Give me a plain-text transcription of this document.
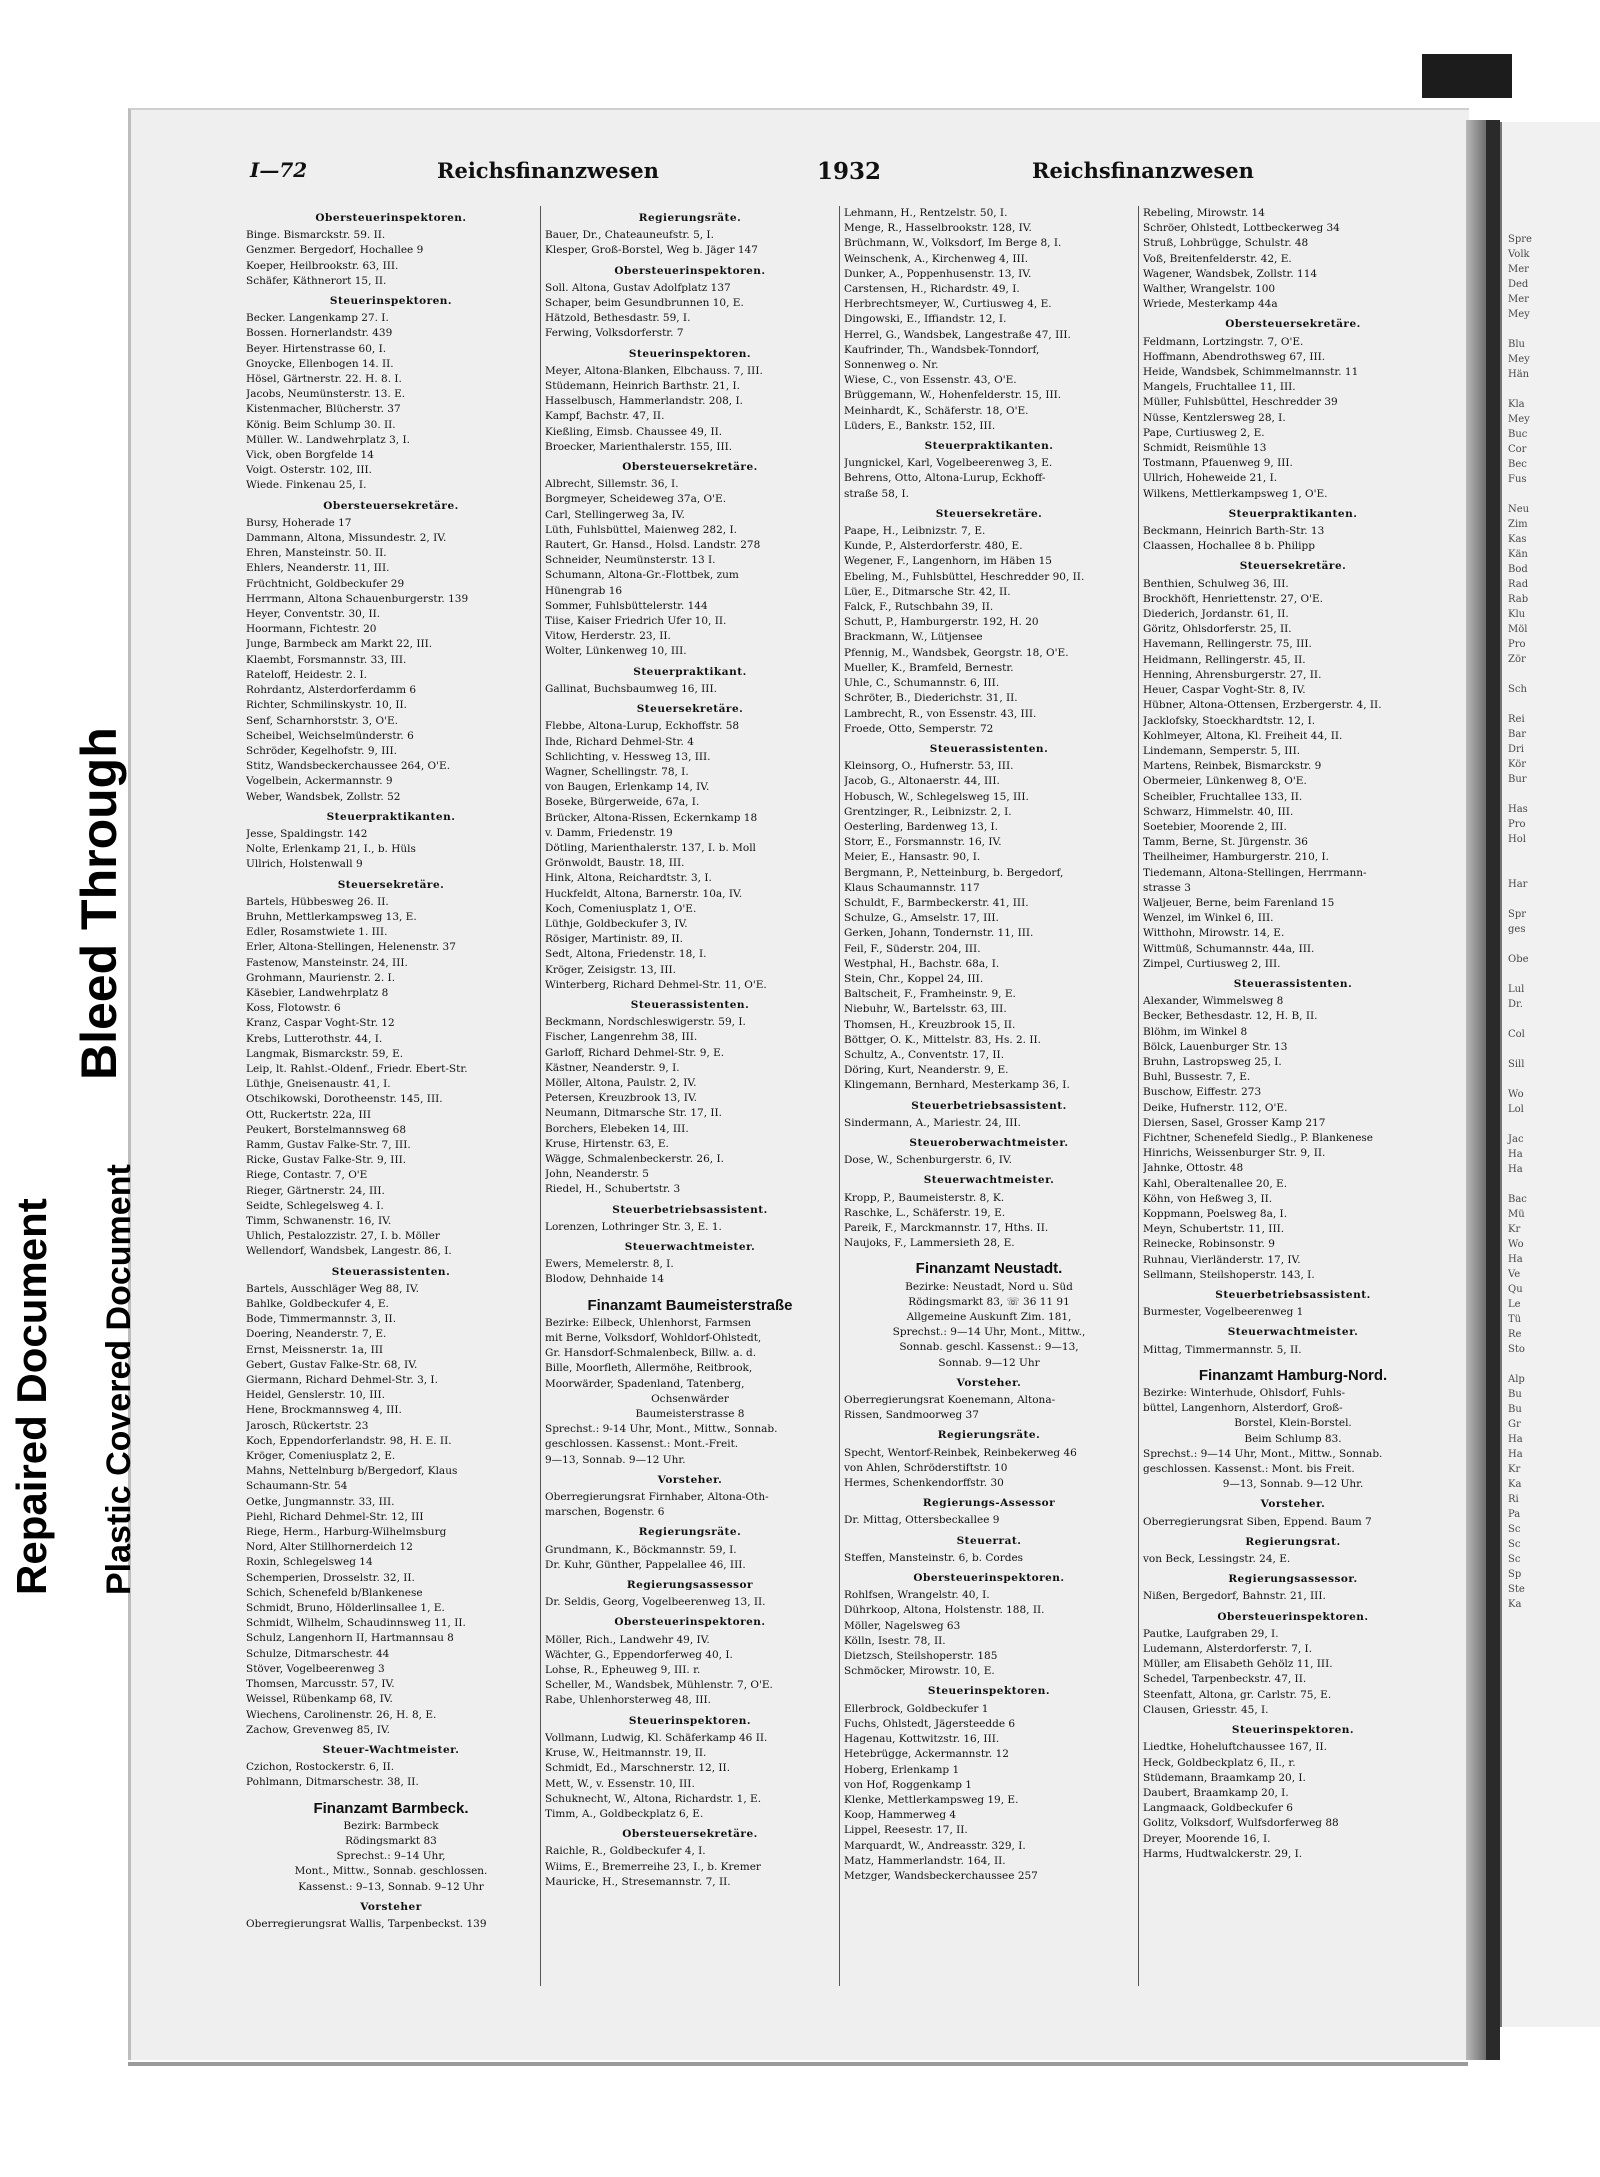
Spre
Volk
Mer
Ded
Mer
Mey
Blu
Mey
Hän
Kla
Mey
Buc
Cor
Bec
Fus
Neu
Zim
Kas
Kän
Bod
Rad
Rab
Klu
Möl
Pro
Zör
Sch
Rei
Bar
Dri
Kör
Bur
Has
Pro
Hol
Har
Spr
ges
Obe
Lul
Dr.
Col
Sill
Wo
Lol
Jac
Ha
Ha
Bac
Mü
Kr
Wo
Ha
Ve
Qu
Le
Tü
Re
Sto
Alp
Bu
Bu
Gr
Ha
Ha
Kr
Ka
Ri
Pa
Sc
Sc
Sc
Sp
Ste
Ka
Bleed Through
Plastic Covered Document
Repaired Document
I—72	Reichsfinanzwesen	1932	Reichsfinanzwesen
Obersteuerinspektoren.
Binge. Bismarckstr. 59. II.
Genzmer. Bergedorf, Hochallee 9
Koeper, Heilbrookstr. 63, III.
Schäfer, Käthnerort 15, II.
Steuerinspektoren.
Becker. Langenkamp 27. I.
Bossen. Hornerlandstr. 439
Beyer. Hirtenstrasse 60, I.
Gnoycke, Ellenbogen 14. II.
Hösel, Gärtnerstr. 22. H. 8. I.
Jacobs, Neumünsterstr. 13. E.
Kistenmacher, Blücherstr. 37
König. Beim Schlump 30. II.
Müller. W.. Landwehrplatz 3, I.
Vick, oben Borgfelde 14
Voigt. Osterstr. 102, III.
Wiede. Finkenau 25, I.
Obersteuersekretäre.
Bursy, Hoherade 17
Dammann, Altona, Missundestr. 2, IV.
Ehren, Mansteinstr. 50. II.
Ehlers, Neanderstr. 11, III.
Früchtnicht, Goldbeckufer 29
Herrmann, Altona Schauenburgerstr. 139
Heyer, Conventstr. 30, II.
Hoormann, Fichtestr. 20
Junge, Barmbeck am Markt 22, III.
Klaembt, Forsmannstr. 33, III.
Rateloff, Heidestr. 2. I.
Rohrdantz, Alsterdorferdamm 6
Richter, Schmilinskystr. 10, II.
Senf, Scharnhorststr. 3, O'E.
Scheibel, Weichselmünderstr. 6
Schröder, Kegelhofstr. 9, III.
Stitz, Wandsbeckerchaussee 264, O'E.
Vogelbein, Ackermannstr. 9
Weber, Wandsbek, Zollstr. 52
Steuerpraktikanten.
Jesse, Spaldingstr. 142
Nolte, Erlenkamp 21, I., b. Hüls
Ullrich, Holstenwall 9
Steuersekretäre.
Bartels, Hübbesweg 26. II.
Bruhn, Mettlerkampsweg 13, E.
Edler, Rosamstwiete 1. III.
Erler, Altona-Stellingen, Helenenstr. 37
Fastenow, Mansteinstr. 24, III.
Grohmann, Maurienstr. 2. I.
Käsebier, Landwehrplatz 8
Koss, Flotowstr. 6
Kranz, Caspar Voght-Str. 12
Krebs, Lutterothstr. 44, I.
Langmak, Bismarckstr. 59, E.
Leip, lt. Rahlst.-Oldenf., Friedr. Ebert-Str.
Lüthje, Gneisenaustr. 41, I.
Otschikowski, Dorotheenstr. 145, III.
Ott, Ruckertstr. 22a, III
Peukert, Borstelmannsweg 68
Ramm, Gustav Falke-Str. 7, III.
Ricke, Gustav Falke-Str. 9, III.
Riege, Contastr. 7, O'E
Rieger, Gärtnerstr. 24, III.
Seidte, Schlegelsweg 4. I.
Timm, Schwanenstr. 16, IV.
Uhlich, Pestalozzistr. 27, I. b. Möller
Wellendorf, Wandsbek, Langestr. 86, I.
Steuerassistenten.
Bartels, Ausschläger Weg 88, IV.
Bahlke, Goldbeckufer 4, E.
Bode, Timmermannstr. 3, II.
Doering, Neanderstr. 7, E.
Ernst, Meissnerstr. 1a, III
Gebert, Gustav Falke-Str. 68, IV.
Giermann, Richard Dehmel-Str. 3, I.
Heidel, Genslerstr. 10, III.
Hene, Brockmannsweg 4, III.
Jarosch, Rückertstr. 23
Koch, Eppendorferlandstr. 98, H. E. II.
Kröger, Comeniusplatz 2, E.
Mahns, Nettelnburg b/Bergedorf, Klaus
Schaumann-Str. 54
Oetke, Jungmannstr. 33, III.
Piehl, Richard Dehmel-Str. 12, III
Riege, Herm., Harburg-Wilhelmsburg
Nord, Alter Stillhornerdeich 12
Roxin, Schlegelsweg 14
Schemperien, Drosselstr. 32, II.
Schich, Schenefeld b/Blankenese
Schmidt, Bruno, Hölderlinsallee 1, E.
Schmidt, Wilhelm, Schaudinnsweg 11, II.
Schulz, Langenhorn II, Hartmannsau 8
Schulze, Ditmarschestr. 44
Stöver, Vogelbeerenweg 3
Thomsen, Marcusstr. 57, IV.
Weissel, Rübenkamp 68, IV.
Wiechens, Carolinenstr. 26, H. 8, E.
Zachow, Grevenweg 85, IV.
Steuer-Wachtmeister.
Czichon, Rostockerstr. 6, II.
Pohlmann, Ditmarschestr. 38, II.
Finanzamt Barmbeck.
Bezirk: Barmbeck
Rödingsmarkt 83
Sprechst.: 9–14 Uhr,
Mont., Mittw., Sonnab. geschlossen.
Kassenst.: 9–13, Sonnab. 9–12 Uhr
Vorsteher
Oberregierungsrat Wallis, Tarpenbeckst. 139
Regierungsräte.
Bauer, Dr., Chateauneufstr. 5, I.
Klesper, Groß-Borstel, Weg b. Jäger 147
Obersteuerinspektoren.
Soll. Altona, Gustav Adolfplatz 137
Schaper, beim Gesundbrunnen 10, E.
Hätzold, Bethesdastr. 59, I.
Ferwing, Volksdorferstr. 7
Steuerinspektoren.
Meyer, Altona-Blanken, Elbchauss. 7, III.
Stüdemann, Heinrich Barthstr. 21, I.
Hasselbusch, Hammerlandstr. 208, I.
Kampf, Bachstr. 47, II.
Kießling, Eimsb. Chaussee 49, II.
Broecker, Marienthalerstr. 155, III.
Obersteuersekretäre.
Albrecht, Sillemstr. 36, I.
Borgmeyer, Scheideweg 37a, O'E.
Carl, Stellingerweg 3a, IV.
Lüth, Fuhlsbüttel, Maienweg 282, I.
Rautert, Gr. Hansd., Holsd. Landstr. 278
Schneider, Neumünsterstr. 13 I.
Schumann, Altona-Gr.-Flottbek, zum
Hünengrab 16
Sommer, Fuhlsbüttelerstr. 144
Tiise, Kaiser Friedrich Ufer 10, II.
Vitow, Herderstr. 23, II.
Wolter, Lünkenweg 10, III.
Steuerpraktikant.
Gallinat, Buchsbaumweg 16, III.
Steuersekretäre.
Flebbe, Altona-Lurup, Eckhoffstr. 58
Ihde, Richard Dehmel-Str. 4
Schlichting, v. Hessweg 13, III.
Wagner, Schellingstr. 78, I.
von Baugen, Erlenkamp 14, IV.
Boseke, Bürgerweide, 67a, I.
Brücker, Altona-Rissen, Eckernkamp 18
v. Damm, Friedenstr. 19
Dötling, Marienthalerstr. 137, I. b. Moll
Grönwoldt, Baustr. 18, III.
Hink, Altona, Reichardtstr. 3, I.
Huckfeldt, Altona, Barnerstr. 10a, IV.
Koch, Comeniusplatz 1, O'E.
Lüthje, Goldbeckufer 3, IV.
Rösiger, Martinistr. 89, II.
Sedt, Altona, Friedenstr. 18, I.
Kröger, Zeisigstr. 13, III.
Winterberg, Richard Dehmel-Str. 11, O'E.
Steuerassistenten.
Beckmann, Nordschleswigerstr. 59, I.
Fischer, Langenrehm 38, III.
Garloff, Richard Dehmel-Str. 9, E.
Kästner, Neanderstr. 9, I.
Möller, Altona, Paulstr. 2, IV.
Petersen, Kreuzbrook 13, IV.
Neumann, Ditmarsche Str. 17, II.
Borchers, Elebeken 14, III.
Kruse, Hirtenstr. 63, E.
Wägge, Schmalenbeckerstr. 26, I.
John, Neanderstr. 5
Riedel, H., Schubertstr. 3
Steuerbetriebsassistent.
Lorenzen, Lothringer Str. 3, E. 1.
Steuerwachtmeister.
Ewers, Memelerstr. 8, I.
Blodow, Dehnhaide 14
Finanzamt Baumeisterstraße
Bezirke: Eilbeck, Uhlenhorst, Farmsen
mit Berne, Volksdorf, Wohldorf-Ohlstedt,
Gr. Hansdorf-Schmalenbeck, Billw. a. d.
Bille, Moorfleth, Allermöhe, Reitbrook,
Moorwärder, Spadenland, Tatenberg,
Ochsenwärder
Baumeisterstrasse 8
Sprechst.: 9-14 Uhr, Mont., Mittw., Sonnab.
geschlossen. Kassenst.: Mont.-Freit.
9—13, Sonnab. 9—12 Uhr.
Vorsteher.
Oberregierungsrat Firnhaber, Altona-Oth-
marschen, Bogenstr. 6
Regierungsräte.
Grundmann, K., Böckmannstr. 59, I.
Dr. Kuhr, Günther, Pappelallee 46, III.
Regierungsassessor
Dr. Seldis, Georg, Vogelbeerenweg 13, II.
Obersteuerinspektoren.
Möller, Rich., Landwehr 49, IV.
Wächter, G., Eppendorferweg 40, I.
Lohse, R., Epheuweg 9, III. r.
Scheller, M., Wandsbek, Mühlenstr. 7, O'E.
Rabe, Uhlenhorsterweg 48, III.
Steuerinspektoren.
Vollmann, Ludwig, Kl. Schäferkamp 46 II.
Kruse, W., Heitmannstr. 19, II.
Schmidt, Ed., Marschnerstr. 12, II.
Mett, W., v. Essenstr. 10, III.
Schuknecht, W., Altona, Richardstr. 1, E.
Timm, A., Goldbeckplatz 6, E.
Obersteuersekretäre.
Raichle, R., Goldbeckufer 4, I.
Wiims, E., Bremerreihe 23, I., b. Kremer
Mauricke, H., Stresemannstr. 7, II.
Lehmann, H., Rentzelstr. 50, I.
Menge, R., Hasselbrookstr. 128, IV.
Brüchmann, W., Volksdorf, Im Berge 8, I.
Weinschenk, A., Kirchenweg 4, III.
Dunker, A., Poppenhusenstr. 13, IV.
Carstensen, H., Richardstr. 49, I.
Herbrechtsmeyer, W., Curtiusweg 4, E.
Dingowski, E., Iffiandstr. 12, I.
Herrel, G., Wandsbek, Langestraße 47, III.
Kaufrinder, Th., Wandsbek-Tonndorf,
Sonnenweg o. Nr.
Wiese, C., von Essenstr. 43, O'E.
Brüggemann, W., Hohenfelderstr. 15, III.
Meinhardt, K., Schäferstr. 18, O'E.
Lüders, E., Bankstr. 152, III.
Steuerpraktikanten.
Jungnickel, Karl, Vogelbeerenweg 3, E.
Behrens, Otto, Altona-Lurup, Eckhoff-
straße 58, I.
Steuersekretäre.
Paape, H., Leibnizstr. 7, E.
Kunde, P., Alsterdorferstr. 480, E.
Wegener, F., Langenhorn, im Häben 15
Ebeling, M., Fuhlsbüttel, Heschredder 90, II.
Lüer, E., Ditmarsche Str. 42, II.
Falck, F., Rutschbahn 39, II.
Schutt, P., Hamburgerstr. 192, H. 20
Brackmann, W., Lütjensee
Pfennig, M., Wandsbek, Georgstr. 18, O'E.
Mueller, K., Bramfeld, Bernestr.
Uhle, C., Schumannstr. 6, III.
Schröter, B., Diederichstr. 31, II.
Lambrecht, R., von Essenstr. 43, III.
Froede, Otto, Semperstr. 72
Steuerassistenten.
Kleinsorg, O., Hufnerstr. 53, III.
Jacob, G., Altonaerstr. 44, III.
Hobusch, W., Schlegelsweg 15, III.
Grentzinger, R., Leibnizstr. 2, I.
Oesterling, Bardenweg 13, I.
Storr, E., Forsmannstr. 16, IV.
Meier, E., Hansastr. 90, I.
Bergmann, P., Netteinburg, b. Bergedorf,
Klaus Schaumannstr. 117
Schuldt, F., Barmbeckerstr. 41, III.
Schulze, G., Amselstr. 17, III.
Gerken, Johann, Tondernstr. 11, III.
Feil, F., Süderstr. 204, III.
Westphal, H., Bachstr. 68a, I.
Stein, Chr., Koppel 24, III.
Baltscheit, F., Framheinstr. 9, E.
Niebuhr, W., Bartelsstr. 63, III.
Thomsen, H., Kreuzbrook 15, II.
Böttger, O. K., Mittelstr. 83, Hs. 2. II.
Schultz, A., Conventstr. 17, II.
Döring, Kurt, Neanderstr. 9, E.
Klingemann, Bernhard, Mesterkamp 36, I.
Steuerbetriebsassistent.
Sindermann, A., Mariestr. 24, III.
Steueroberwachtmeister.
Dose, W., Schenburgerstr. 6, IV.
Steuerwachtmeister.
Kropp, P., Baumeisterstr. 8, K.
Raschke, L., Schäferstr. 19, E.
Pareik, F., Marckmannstr. 17, Hths. II.
Naujoks, F., Lammersieth 28, E.
Finanzamt Neustadt.
Bezirke: Neustadt, Nord u. Süd
Rödingsmarkt 83, ☏ 36 11 91
Allgemeine Auskunft Zim. 181,
Sprechst.: 9—14 Uhr, Mont., Mittw.,
Sonnab. geschl. Kassenst.: 9—13,
Sonnab. 9—12 Uhr
Vorsteher.
Oberregierungsrat Koenemann, Altona-
Rissen, Sandmoorweg 37
Regierungsräte.
Specht, Wentorf-Reinbek, Reinbekerweg 46
von Ahlen, Schröderstiftstr. 10
Hermes, Schenkendorffstr. 30
Regierungs-Assessor
Dr. Mittag, Ottersbeckallee 9
Steuerrat.
Steffen, Mansteinstr. 6, b. Cordes
Obersteuerinspektoren.
Rohlfsen, Wrangelstr. 40, I.
Dührkoop, Altona, Holstenstr. 188, II.
Möller, Nagelsweg 63
Kölln, Isestr. 78, II.
Dietzsch, Steilshoperstr. 185
Schmöcker, Mirowstr. 10, E.
Steuerinspektoren.
Ellerbrock, Goldbeckufer 1
Fuchs, Ohlstedt, Jägersteedde 6
Hagenau, Kottwitzstr. 16, III.
Hetebrügge, Ackermannstr. 12
Hoberg, Erlenkamp 1
von Hof, Roggenkamp 1
Klenke, Mettlerkampsweg 19, E.
Koop, Hammerweg 4
Lippel, Reesestr. 17, II.
Marquardt, W., Andreasstr. 329, I.
Matz, Hammerlandstr. 164, II.
Metzger, Wandsbeckerchaussee 257
Rebeling, Mirowstr. 14
Schröer, Ohlstedt, Lottbeckerweg 34
Struß, Lohbrügge, Schulstr. 48
Voß, Breitenfelderstr. 42, E.
Wagener, Wandsbek, Zollstr. 114
Walther, Wrangelstr. 100
Wriede, Mesterkamp 44a
Obersteuersekretäre.
Feldmann, Lortzingstr. 7, O'E.
Hoffmann, Abendrothsweg 67, III.
Heide, Wandsbek, Schimmelmannstr. 11
Mangels, Fruchtallee 11, III.
Müller, Fuhlsbüttel, Heschredder 39
Nüsse, Kentzlersweg 28, I.
Pape, Curtiusweg 2, E.
Schmidt, Reismühle 13
Tostmann, Pfauenweg 9, III.
Ullrich, Hoheweide 21, I.
Wilkens, Mettlerkampsweg 1, O'E.
Steuerpraktikanten.
Beckmann, Heinrich Barth-Str. 13
Claassen, Hochallee 8 b. Philipp
Steuersekretäre.
Benthien, Schulweg 36, III.
Brockhöft, Henriettenstr. 27, O'E.
Diederich, Jordanstr. 61, II.
Göritz, Ohlsdorferstr. 25, II.
Havemann, Rellingerstr. 75, III.
Heidmann, Rellingerstr. 45, II.
Henning, Ahrensburgerstr. 27, II.
Heuer, Caspar Voght-Str. 8, IV.
Hübner, Altona-Ottensen, Erzbergerstr. 4, II.
Jacklofsky, Stoeckhardtstr. 12, I.
Kohlmeyer, Altona, Kl. Freiheit 44, II.
Lindemann, Semperstr. 5, III.
Martens, Reinbek, Bismarckstr. 9
Obermeier, Lünkenweg 8, O'E.
Scheibler, Fruchtallee 133, II.
Schwarz, Himmelstr. 40, III.
Soetebier, Moorende 2, III.
Tamm, Berne, St. Jürgenstr. 36
Theilheimer, Hamburgerstr. 210, I.
Tiedemann, Altona-Stellingen, Herrmann-
strasse 3
Waljeuer, Berne, beim Farenland 15
Wenzel, im Winkel 6, III.
Witthohn, Mirowstr. 14, E.
Wittmüß, Schumannstr. 44a, III.
Zimpel, Curtiusweg 2, III.
Steuerassistenten.
Alexander, Wimmelsweg 8
Becker, Bethesdastr. 12, H. B, II.
Blöhm, im Winkel 8
Bölck, Lauenburger Str. 13
Bruhn, Lastropsweg 25, I.
Buhl, Bussestr. 7, E.
Buschow, Eiffestr. 273
Deike, Hufnerstr. 112, O'E.
Diersen, Sasel, Grosser Kamp 217
Fichtner, Schenefeld Siedlg., P. Blankenese
Hinrichs, Weissenburger Str. 9, II.
Jahnke, Ottostr. 48
Kahl, Oberaltenallee 20, E.
Köhn, von Heßweg 3, II.
Koppmann, Poelsweg 8a, I.
Meyn, Schubertstr. 11, III.
Reinecke, Robinsonstr. 9
Ruhnau, Vierländerstr. 17, IV.
Sellmann, Steilshoperstr. 143, I.
Steuerbetriebsassistent.
Burmester, Vogelbeerenweg 1
Steuerwachtmeister.
Mittag, Timmermannstr. 5, II.
Finanzamt Hamburg-Nord.
Bezirke: Winterhude, Ohlsdorf, Fuhls-
büttel, Langenhorn, Alsterdorf, Groß-
Borstel, Klein-Borstel.
Beim Schlump 83.
Sprechst.: 9—14 Uhr, Mont., Mittw., Sonnab.
geschlossen. Kassenst.: Mont. bis Freit.
9—13, Sonnab. 9—12 Uhr.
Vorsteher.
Oberregierungsrat Siben, Eppend. Baum 7
Regierungsrat.
von Beck, Lessingstr. 24, E.
Regierungsassessor.
Nißen, Bergedorf, Bahnstr. 21, III.
Obersteuerinspektoren.
Pautke, Laufgraben 29, I.
Ludemann, Alsterdorferstr. 7, I.
Müller, am Elisabeth Gehölz 11, III.
Schedel, Tarpenbeckstr. 47, II.
Steenfatt, Altona, gr. Carlstr. 75, E.
Clausen, Griesstr. 45, I.
Steuerinspektoren.
Liedtke, Hoheluftchaussee 167, II.
Heck, Goldbeckplatz 6, II., r.
Stüdemann, Braamkamp 20, I.
Daubert, Braamkamp 20, I.
Langmaack, Goldbeckufer 6
Golitz, Volksdorf, Wulfsdorferweg 88
Dreyer, Moorende 16, I.
Harms, Hudtwalckerstr. 29, I.
